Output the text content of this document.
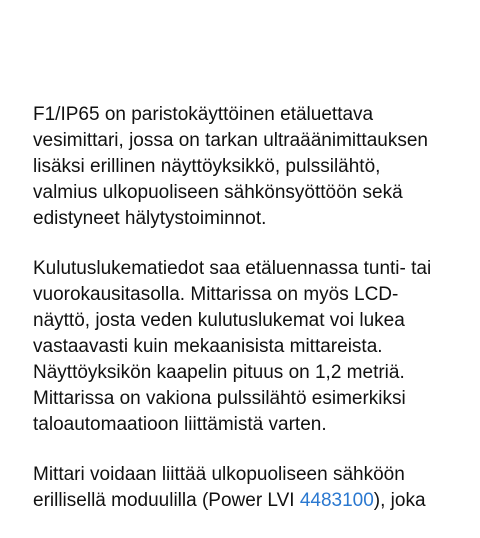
F1/IP65 on paristokäyttöinen etäluettava
vesimittari, jossa on tarkan ultraäänimittauksen
lisäksi erillinen näyttöyksikkö, pulssilähtö,
valmius ulkopuoliseen sähkönsyöttöön sekä
edistyneet hälytystoiminnot.

Kulutuslukematiedot saa etäluennassa tunti- tai
vuorokausitasolla. Mittarissa on myös LCD-
näyttö, josta veden kulutuslukemat voi lukea
vastaavasti kuin mekaanisista mittareista.
Näyttöyksikön kaapelin pituus on 1,2 metriä.
Mittarissa on vakiona pulssilähtö esimerkiksi
taloautomaatioon liittämistä varten.

Mittari voidaan liittää ulkopuoliseen sähköön
erillisellä moduulilla (Power LVI 4483100), joka
